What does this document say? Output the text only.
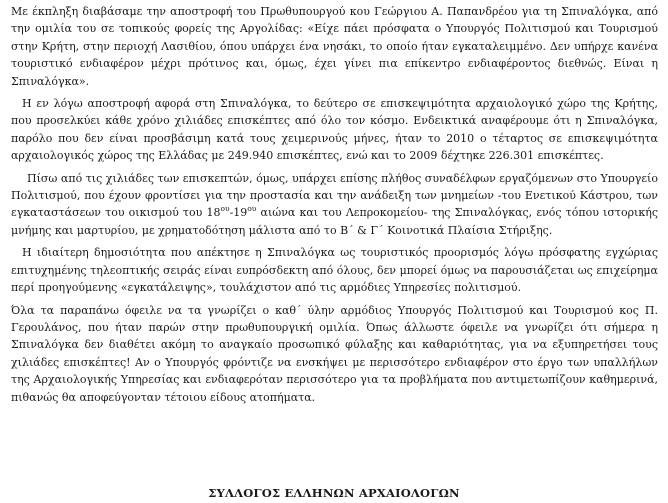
Με έκπληξη διαβάσαμε την αποστροφή του Πρωθυπουργού κου Γεώργιου Α. Παπανδρέου για τη Σπιναλόγκα, από την ομιλία του σε τοπικούς φορείς της Αργολίδας: «Είχε πάει πρόσφατα ο Υπουργός Πολιτισμού και Τουρισμού στην Κρήτη, στην περιοχή Λασιθίου, όπου υπάρχει ένα νησάκι, το οποίο ήταν εγκαταλειμμένο. Δεν υπήρχε κανένα τουριστικό ενδιαφέρον μέχρι πρότινος και, όμως, έχει γίνει πια επίκεντρο ενδιαφέροντος διεθνώς. Είναι η Σπιναλόγκα».

Η εν λόγω αποστροφή αφορά στη Σπιναλόγκα, το δεύτερο σε επισκεψιμότητα αρχαιολογικό χώρο της Κρήτης, που προσελκύει κάθε χρόνο χιλιάδες επισκέπτες από όλο τον κόσμο. Ενδεικτικά αναφέρουμε ότι η Σπιναλόγκα, παρόλο που δεν είναι προσβάσιμη κατά τους χειμερινούς μήνες, ήταν το 2010 ο τέταρτος σε επισκεψιμότητα αρχαιολογικός χώρος της Ελλάδας με 249.940 επισκέπτες, ενώ και το 2009 δέχτηκε 226.301 επισκέπτες.

Πίσω από τις χιλιάδες των επισκεπτών, όμως, υπάρχει επίσης πλήθος συναδέλφων εργαζόμενων στο Υπουργείο Πολιτισμού, που έχουν φροντίσει για την προστασία και την ανάδειξη των μνημείων -του Ενετικού Κάστρου, των εγκαταστάσεων του οικισμού του $18^{o\upsilon}-19^{o\upsilon}$ αιώνα και του Λεπροκομείου- της Σπιναλόγκας, ενός τόπου ιστορικής μνήμης και μαρτυρίου, με χρηματοδότηση μάλιστα από το Β΄ & Γ΄ Κοινοτικά Πλαίσια Στήριξης.

Η ιδιαίτερη δημοσιότητα που απέκτησε η Σπιναλόγκα ως τουριστικός προορισμός λόγω πρόσφατης εγχώριας επιτυχημένης τηλεοπτικής σειράς είναι ευπρόσδεκτη από όλους, δεν μπορεί όμως να παρουσιάζεται ως επιχείρημα περί προηγούμενης «εγκατάλειψης», τουλάχιστον από τις αρμόδιες Υπηρεσίες πολιτισμού.

Όλα τα παραπάνω όφειλε να τα γνωρίζει ο καθ΄ ύλην αρμόδιος Υπουργός Πολιτισμού και Τουρισμού κος Π. Γερουλάνος, που ήταν παρών στην πρωθυπουργική ομιλία. Όπως άλλωστε όφειλε να γνωρίζει ότι σήμερα η Σπιναλόγκα δεν διαθέτει ακόμη το αναγκαίο προσωπικό φύλαξης και καθαριότητας, για να εξυπηρετήσει τους χιλιάδες επισκέπτες! Αν ο Υπουργός φρόντιζε να ενσκήψει με περισσότερο ενδιαφέρον στο έργο των υπαλλήλων της Αρχαιολογικής Υπηρεσίας και ενδιαφερόταν περισσότερο για τα προβλήματα που αντιμετωπίζουν καθημερινά, πιθανώς θα αποφεύγονταν τέτοιου είδους ατοπήματα.

ΣΥΛΛΟΓΟΣ ΕΛΛΗΝΩΝ ΑΡΧΑΙΟΛΟΓΩΝ
